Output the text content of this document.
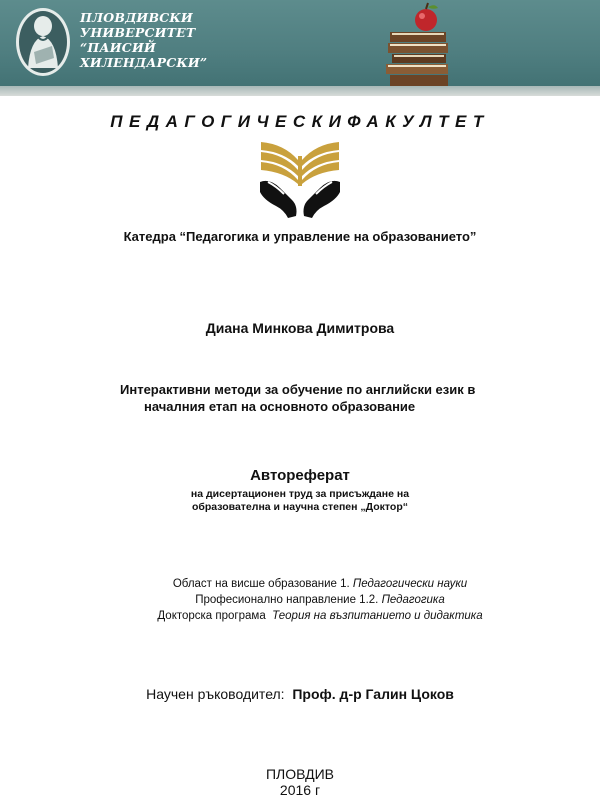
ПЛОВДИВСКИ
УНИВЕРСИТЕТ
“ПАИСИЙ
ХИЛЕНДАРСКИ”
ПЕДАГОГИЧЕСКИФАКУЛТЕТ
Катедра “Педагогика и управление на образованието”
Диана Минкова Димитрова
Интерактивни методи за обучение по английски език в
началния етап на основното образование
Автореферат
на дисертационен труд за присъждане на
образователна и научна степен „Доктор“
Област на висше образование 1. Педагогически науки
Професионално направление 1.2. Педагогика
Докторска програма Теория на възпитанието и дидактика
Научен ръководител: Проф. д-р Галин Цоков
ПЛОВДИВ
2016 г
